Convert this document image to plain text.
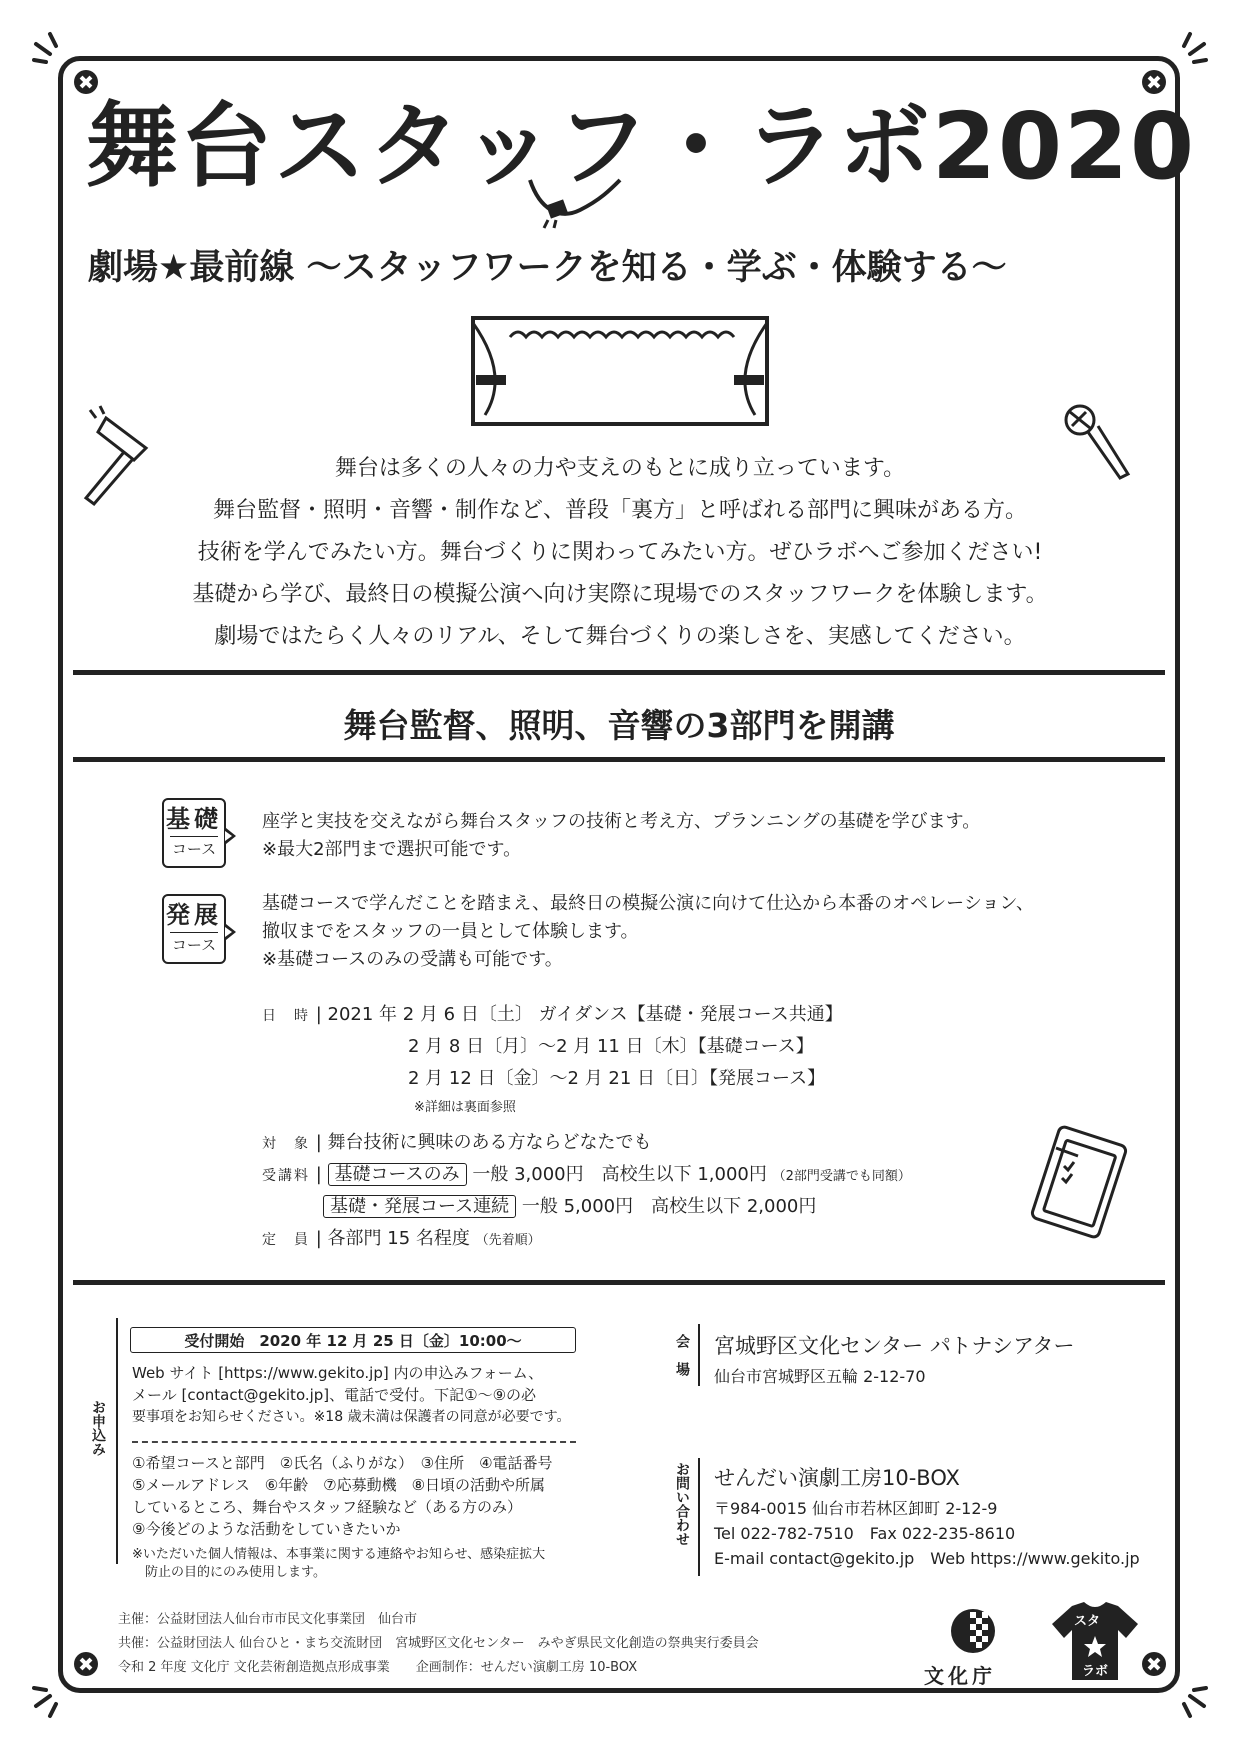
舞台スタッフ・ラボ2020
劇場★最前線 〜スタッフワークを知る・学ぶ・体験する〜
舞台は多くの人々の力や支えのもとに成り立っています。
舞台監督・照明・音響・制作など、普段「裏方」と呼ばれる部門に興味がある方。
技術を学んでみたい方。舞台づくりに関わってみたい方。ぜひラボへご参加ください!
基礎から学び、最終日の模擬公演へ向け実際に現場でのスタッフワークを体験します。
劇場ではたらく人々のリアル、そして舞台づくりの楽しさを、実感してください。
舞台監督、照明、音響の3部門を開講
基礎
コース
座学と実技を交えながら舞台スタッフの技術と考え方、プランニングの基礎を学びます。
※最大2部門まで選択可能です。
発展
コース
基礎コースで学んだことを踏まえ、最終日の模擬公演に向けて仕込から本番のオペレーション、
撤収までをスタッフの一員として体験します。
※基礎コースのみの受講も可能です。
日　時 | 2021 年 2 月 6 日〔土〕 ガイダンス【基礎・発展コース共通】
2 月 8 日〔月〕〜2 月 11 日〔木〕【基礎コース】
2 月 12 日〔金〕〜2 月 21 日〔日〕【発展コース】
※詳細は裏面参照
対　象 | 舞台技術に興味のある方ならどなたでも
受講料 | 基礎コースのみ 一般 3,000円　高校生以下 1,000円 （2部門受講でも同額）
基礎・発展コース連続 一般 5,000円　高校生以下 2,000円
定　員 | 各部門 15 名程度 （先着順）
お申込み
受付開始　2020 年 12 月 25 日〔金〕10:00〜
Web サイト [https://www.gekito.jp] 内の申込みフォーム、
メール [contact@gekito.jp]、電話で受付。下記①〜⑨の必
要事項をお知らせください。※18 歳未満は保護者の同意が必要です。
①希望コースと部門　②氏名（ふりがな）　③住所　④電話番号
⑤メールアドレス　⑥年齢　⑦応募動機　⑧日頃の活動や所属
しているところ、舞台やスタッフ経験など（ある方のみ）
⑨今後どのような活動をしていきたいか
※いただいた個人情報は、本事業に関する連絡やお知らせ、感染症拡大
　防止の目的にのみ使用します。
会場 宮城野区文化センター パトナシアター
仙台市宮城野区五輪 2-12-70
お問い合わせ せんだい演劇工房10-BOX
〒984-0015 仙台市若林区卸町 2-12-9
Tel 022-782-7510　Fax 022-235-8610
E-mail contact@gekito.jp　Web https://www.gekito.jp
主催：公益財団法人仙台市市民文化事業団　仙台市
共催：公益財団法人 仙台ひと・まち交流財団　宮城野区文化センター　みやぎ県民文化創造の祭典実行委員会
令和 2 年度 文化庁 文化芸術創造拠点形成事業　　企画制作：せんだい演劇工房 10-BOX	文化庁
スタ
ラボ
